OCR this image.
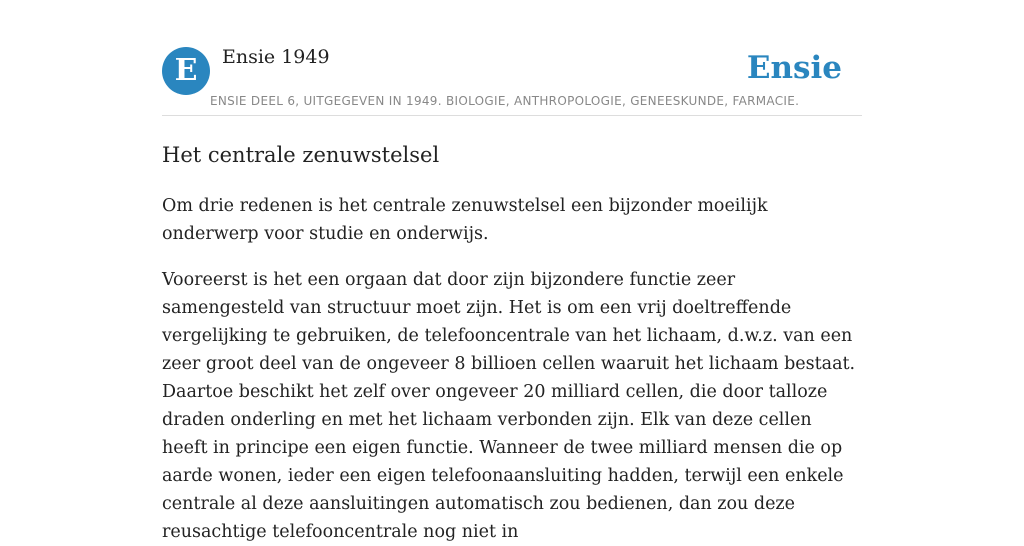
E	Ensie 1949	Ensie
ENSIE DEEL 6, UITGEGEVEN IN 1949. BIOLOGIE, ANTHROPOLOGIE, GENEESKUNDE, FARMACIE.
Het centrale zenuwstelsel

Om drie redenen is het centrale zenuwstelsel een bijzonder moeilijk onderwerp voor studie en onderwijs.

Vooreerst is het een orgaan dat door zijn bijzondere functie zeer samengesteld van structuur moet zijn. Het is om een vrij doeltreffende vergelijking te gebruiken, de telefooncentrale van het lichaam, d.w.z. van een zeer groot deel van de ongeveer 8 billioen cellen waaruit het lichaam bestaat. Daartoe beschikt het zelf over ongeveer 20 milliard cellen, die door talloze draden onderling en met het lichaam verbonden zijn. Elk van deze cellen heeft in principe een eigen functie. Wanneer de twee milliard mensen die op aarde wonen, ieder een eigen telefoonaansluiting hadden, terwijl een enkele centrale al deze aansluitingen automatisch zou bedienen, dan zou deze reusachtige telefooncentrale nog niet in
